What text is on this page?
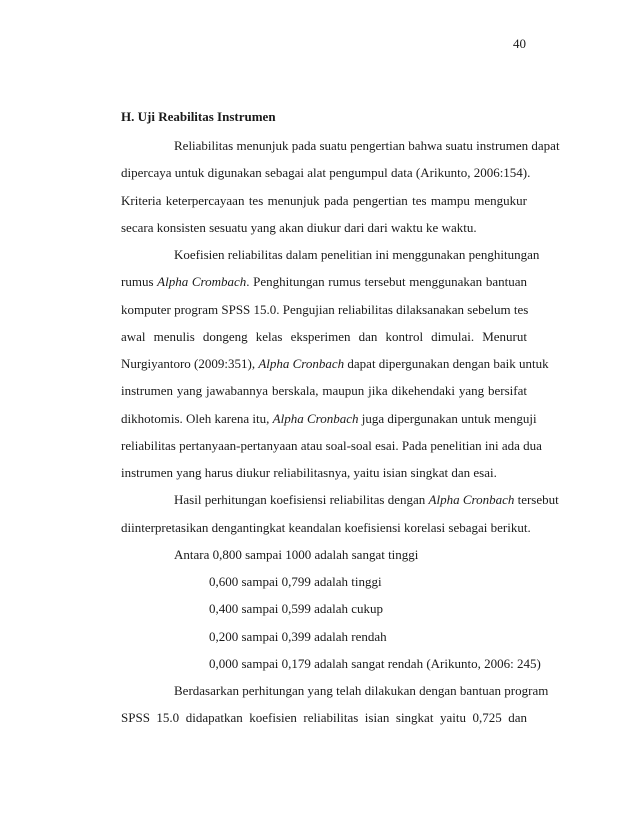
40
H. Uji Reabilitas Instrumen
Reliabilitas menunjuk pada suatu pengertian bahwa suatu instrumen dapat
dipercaya untuk digunakan sebagai alat pengumpul data (Arikunto, 2006:154).
Kriteria keterpercayaan tes menunjuk pada pengertian tes mampu mengukur
secara konsisten sesuatu yang akan diukur dari dari waktu ke waktu.
Koefisien reliabilitas dalam penelitian ini menggunakan penghitungan
rumus Alpha Crombach. Penghitungan rumus tersebut menggunakan bantuan
komputer program SPSS 15.0. Pengujian reliabilitas dilaksanakan sebelum tes
awal menulis dongeng kelas eksperimen dan kontrol dimulai. Menurut
Nurgiyantoro (2009:351), Alpha Cronbach dapat dipergunakan dengan baik untuk
instrumen yang jawabannya berskala, maupun jika dikehendaki yang bersifat
dikhotomis. Oleh karena itu, Alpha Cronbach juga dipergunakan untuk menguji
reliabilitas pertanyaan-pertanyaan atau soal-soal esai. Pada penelitian ini ada dua
instrumen yang harus diukur reliabilitasnya, yaitu isian singkat dan esai.
Hasil perhitungan koefisiensi reliabilitas dengan Alpha Cronbach tersebut
diinterpretasikan dengantingkat keandalan koefisiensi korelasi sebagai berikut.
Antara 0,800 sampai 1000 adalah sangat tinggi
0,600 sampai 0,799 adalah tinggi
0,400 sampai 0,599 adalah cukup
0,200 sampai 0,399 adalah rendah
0,000 sampai 0,179 adalah sangat rendah (Arikunto, 2006: 245)
Berdasarkan perhitungan yang telah dilakukan dengan bantuan program
SPSS 15.0 didapatkan koefisien reliabilitas isian singkat yaitu 0,725 dan
